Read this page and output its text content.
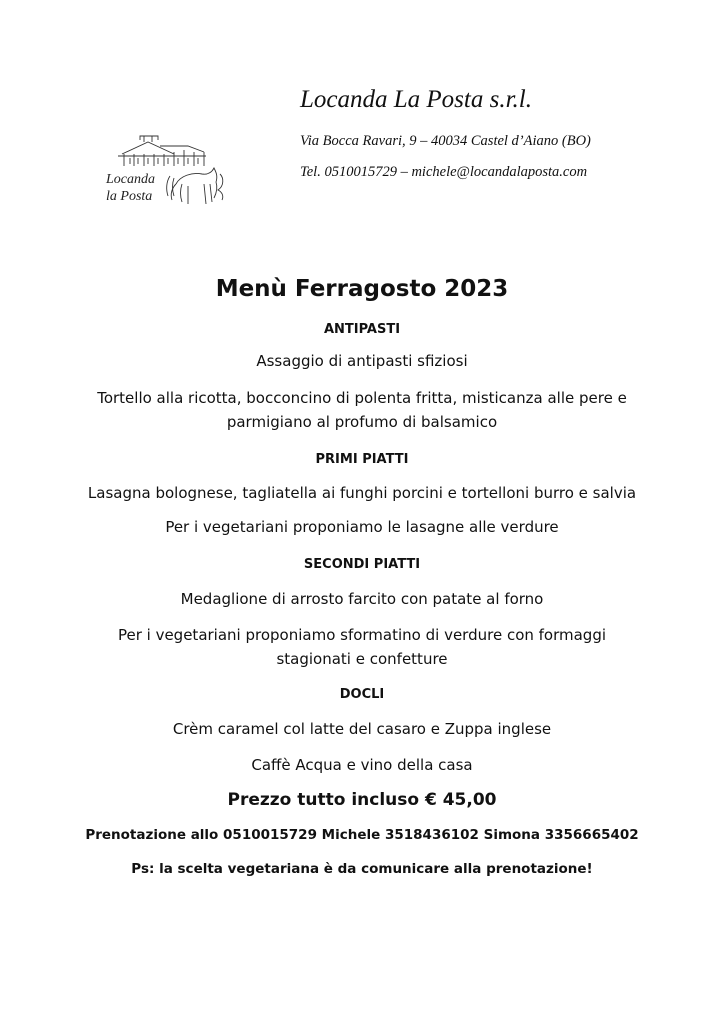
Locanda
la Posta
Locanda La Posta s.r.l.
Via Bocca Ravari, 9 – 40034 Castel d’Aiano (BO)
Tel. 0510015729 – michele@locandalaposta.com
Menù Ferragosto 2023
ANTIPASTI
Assaggio di antipasti sfiziosi
Tortello alla ricotta, bocconcino di polenta fritta, misticanza alle pere e
parmigiano al profumo di balsamico
PRIMI PIATTI
Lasagna bolognese, tagliatella ai funghi porcini e tortelloni burro e salvia
Per i vegetariani proponiamo le lasagne alle verdure
SECONDI PIATTI
Medaglione di arrosto farcito con patate al forno
Per i vegetariani proponiamo sformatino di verdure con formaggi
stagionati e confetture
DOCLI
Crèm caramel col latte del casaro e Zuppa inglese
Caffè Acqua e vino della casa
Prezzo tutto incluso € 45,00
Prenotazione allo 0510015729 Michele 3518436102 Simona 3356665402
Ps: la scelta vegetariana è da comunicare alla prenotazione!
